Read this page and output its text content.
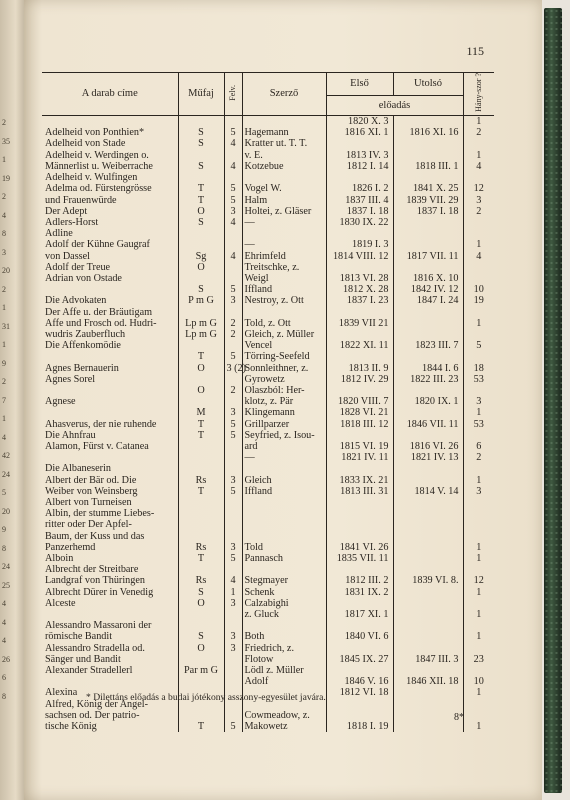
2
35
1
19
2
4
8
3
20
2
1
31
1
9
2
7
1
4
42
24
5
20
9
8
24
25
4
4
4
26
6
8
115
A darab címe	Műfaj	Felv.	Szerző	Első	Utolsó	Hány-szor ?
				előadás		
				1820 X. 3		1
Adelheid von Ponthien*	S	5	Hagemann	1816 XI. 1	1816 XI. 16	2
Adelheid von Stade	S	4	Kratter ut. T. T.			
Adelheid v. Werdingen o.			v. E.	1813 IV. 3		1
Männerlist u. Weiberrache	S	4	Kotzebue	1812 I. 14	1818 III. 1	4
Adelheid v. Wulfingen						
Adelma od. Fürstengrösse	T	5	Vogel W.	1826 I. 2	1841 X. 25	12
und Frauenwürde	T	5	Halm	1837 III. 4	1839 VII. 29	3
Der Adept	O	3	Holtei, z. Gläser	1837 I. 18	1837 I. 18	2
Adlers-Horst	S	4	—	1830 IX. 22		
Adline						
Adolf der Kühne Gaugraf			—	1819 I. 3		1
von Dassel	Sg	4	Ehrimfeld	1814 VIII. 12	1817 VII. 11	4
Adolf der Treue	O		Treitschke, z.			
Adrian von Ostade			Weigl	1813 VI. 28	1816 X. 10	
	S	5	Iffland	1812 X. 28	1842 IV. 12	10
Die Advokaten	P m G	3	Nestroy, z. Ott	1837 I. 23	1847 I. 24	19
Der Affe u. der Bräutigam						
Affe und Frosch od. Hudri-	Lp m G	2	Told, z. Ott	1839 VII 21		1
wudris Zauberfluch	Lp m G	2	Gleich, z. Müller			
Die Affenkomödie			Vencel	1822 XI. 11	1823 III. 7	5
	T	5	Törring-Seefeld			
Agnes Bernauerin	O	3 (2)	Sonnleithner, z.	1813 II. 9	1844 I. 6	18
Agnes Sorel			Gyrowetz	1812 IV. 29	1822 III. 23	53
	O	2	Olaszból: Her-			
Agnese			klotz, z. Pär	1820 VIII. 7	1820 IX. 1	3
	M	3	Klingemann	1828 VI. 21		1
Ahasverus, der nie ruhende	T	5	Grillparzer	1818 III. 12	1846 VII. 11	53
Die Ahnfrau	T	5	Seyfried, z. Isou-			
Alamon, Fürst v. Catanea			ard	1815 VI. 19	1816 VI. 26	6
			—	1821 IV. 11	1821 IV. 13	2
Die Albaneserin						
Albert der Bär od. Die	Rs	3	Gleich	1833 IX. 21		1
Weiber von Weinsberg	T	5	Iffland	1813 III. 31	1814 V. 14	3
Albert von Turneisen						
Albin, der stumme Liebes-						
ritter oder Der Apfel-						
Baum, der Kuss und das						
Panzerhemd	Rs	3	Told	1841 VI. 26		1
Alboin	T	5	Pannasch	1835 VII. 11		1
Albrecht der Streitbare						
Landgraf von Thüringen	Rs	4	Stegmayer	1812 III. 2	1839 VI. 8.	12
Albrecht Dürer in Venedig	S	1	Schenk	1831 IX. 2		1
Alceste	O	3	Calzabighi			
			z. Gluck	1817 XI. 1		1
Alessandro Massaroni der						
römische Bandit	S	3	Both	1840 VI. 6		1
Alessandro Stradella od.	O	3	Friedrich, z.			
Sänger und Bandit			Flotow	1845 IX. 27	1847 III. 3	23
Alexander Stradellerl	Par m G		Lödl z. Müller			
			Adolf	1846 V. 16	1846 XII. 18	10
Alexina				1812 VI. 18		1
Alfred, König der Angel-						
sachsen od. Der patrio-			Cowmeadow, z.			
tische König	T	5	Makowetz	1818 I. 19		1
* Dilettáns előadás a budai jótékony asszony-egyesület javára.
8*
